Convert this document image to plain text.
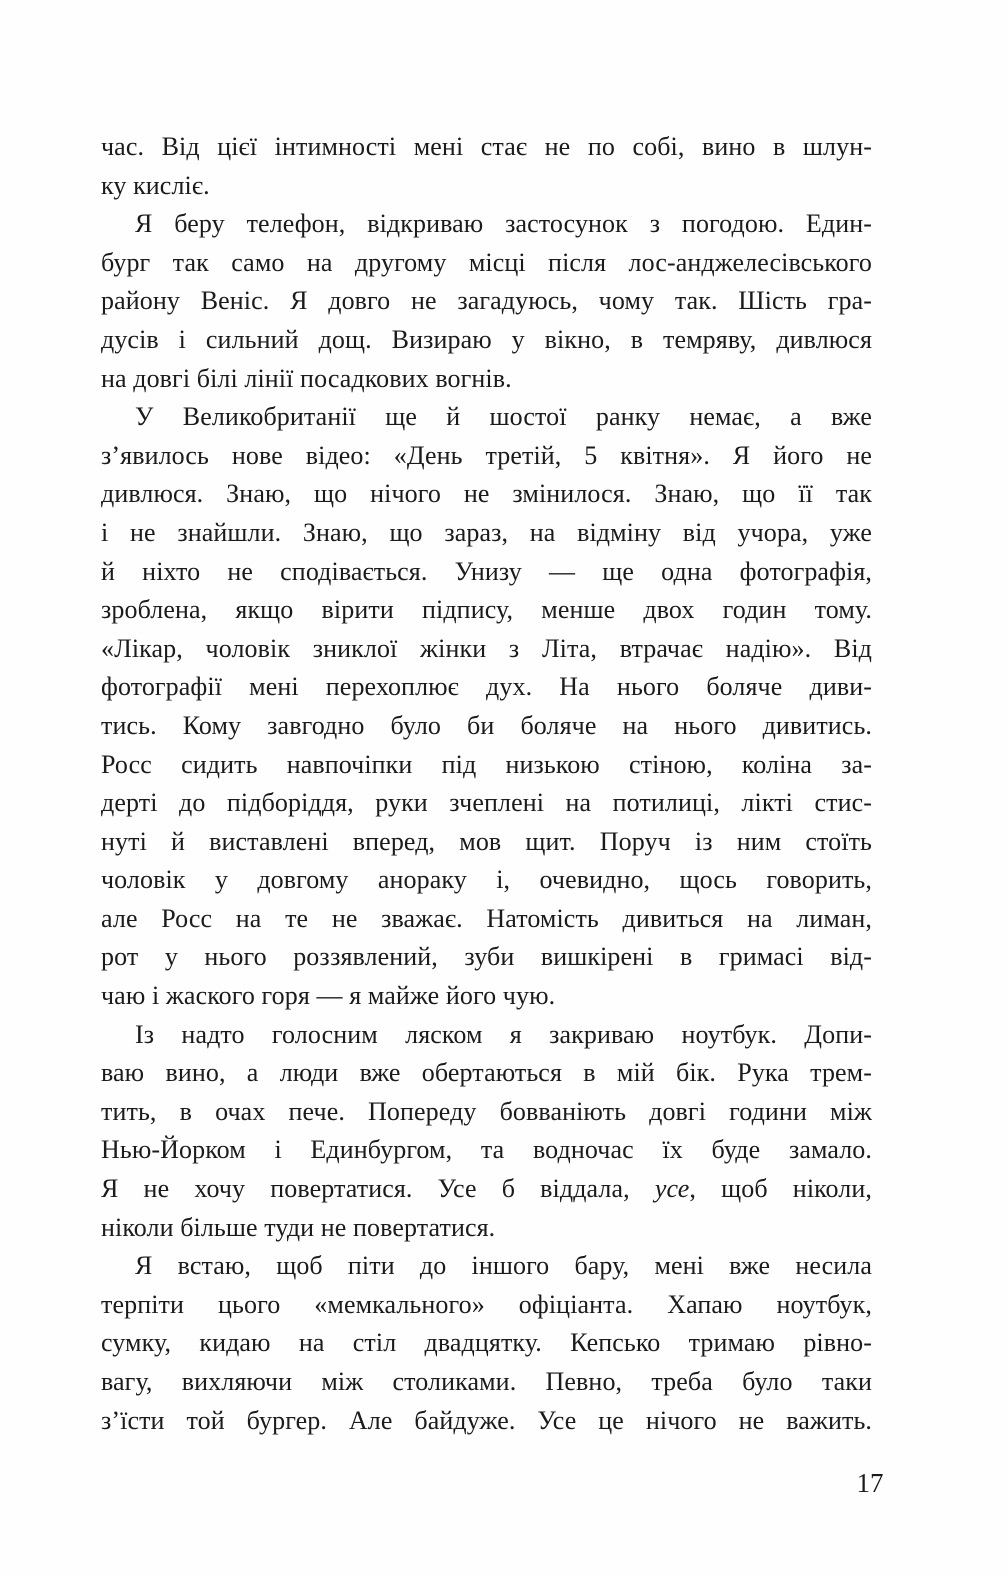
час. Від цієї інтимності мені стає не по собі, вино в шлун-
ку кисліє.
Я беру телефон, відкриваю застосунок з погодою. Един-
бург так само на другому місці після лос-анджелесівського
району Веніс. Я довго не загадуюсь, чому так. Шість гра-
дусів і сильний дощ. Визираю у вікно, в темряву, дивлюся
на довгі білі лінії посадкових вогнів.
У Великобританії ще й шостої ранку немає, а вже
з’явилось нове відео: «День третій, 5 квітня». Я його не
дивлюся. Знаю, що нічого не змінилося. Знаю, що її так
і не знайшли. Знаю, що зараз, на відміну від учора, уже
й ніхто не сподівається. Унизу — ще одна фотографія,
зроблена, якщо вірити підпису, менше двох годин тому.
«Лікар, чоловік зниклої жінки з Літа, втрачає надію». Від
фотографії мені перехоплює дух. На нього боляче диви-
тись. Кому завгодно було би боляче на нього дивитись.
Росс сидить навпочіпки під низькою стіною, коліна за-
дерті до підборіддя, руки зчеплені на потилиці, лікті стис-
нуті й виставлені вперед, мов щит. Поруч із ним стоїть
чоловік у довгому анораку і, очевидно, щось говорить,
але Росс на те не зважає. Натомість дивиться на лиман,
рот у нього роззявлений, зуби вишкірені в гримасі від-
чаю і жаского горя — я майже його чую.
Із надто голосним ляском я закриваю ноутбук. Допи-
ваю вино, а люди вже обертаються в мій бік. Рука трем-
тить, в очах пече. Попереду бовваніють довгі години між
Нью-Йорком і Единбургом, та водночас їх буде замало.
Я не хочу повертатися. Усе б віддала, усе, щоб ніколи,
ніколи більше туди не повертатися.
Я встаю, щоб піти до іншого бару, мені вже несила
терпіти цього «мемкального» офіціанта. Хапаю ноутбук,
сумку, кидаю на стіл двадцятку. Кепсько тримаю рівно-
вагу, вихляючи між столиками. Певно, треба було таки
з’їсти той бургер. Але байдуже. Усе це нічого не важить.
17
